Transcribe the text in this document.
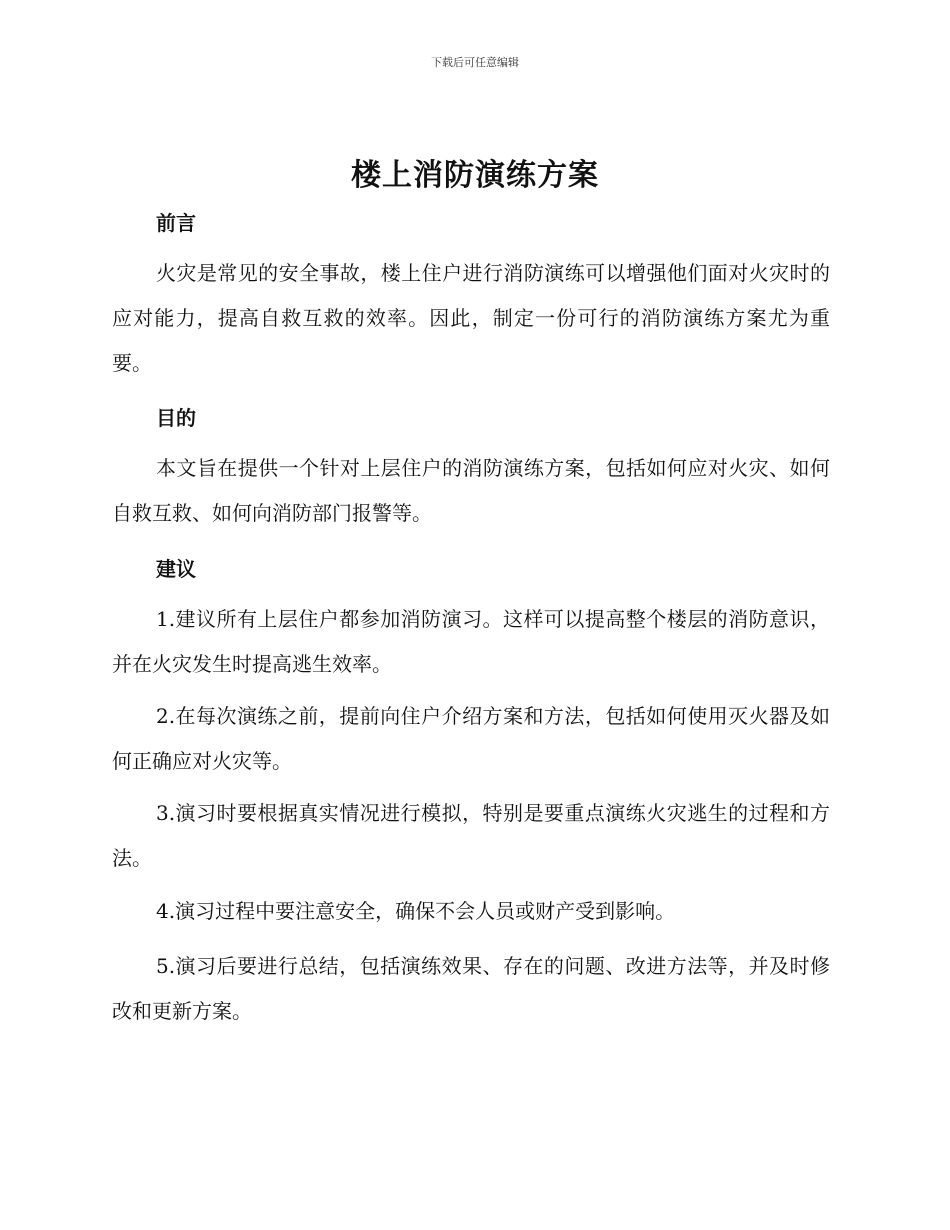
下载后可任意编辑
楼上消防演练方案
前言

火灾是常见的安全事故，楼上住户进行消防演练可以增强他们面对火灾时的应对能力，提高自救互救的效率。因此，制定一份可行的消防演练方案尤为重要。

目的

本文旨在提供一个针对上层住户的消防演练方案，包括如何应对火灾、如何自救互救、如何向消防部门报警等。

建议

1.建议所有上层住户都参加消防演习。这样可以提高整个楼层的消防意识，并在火灾发生时提高逃生效率。

2.在每次演练之前，提前向住户介绍方案和方法，包括如何使用灭火器及如何正确应对火灾等。

3.演习时要根据真实情况进行模拟，特别是要重点演练火灾逃生的过程和方法。

4.演习过程中要注意安全，确保不会人员或财产受到影响。

5.演习后要进行总结，包括演练效果、存在的问题、改进方法等，并及时修改和更新方案。
